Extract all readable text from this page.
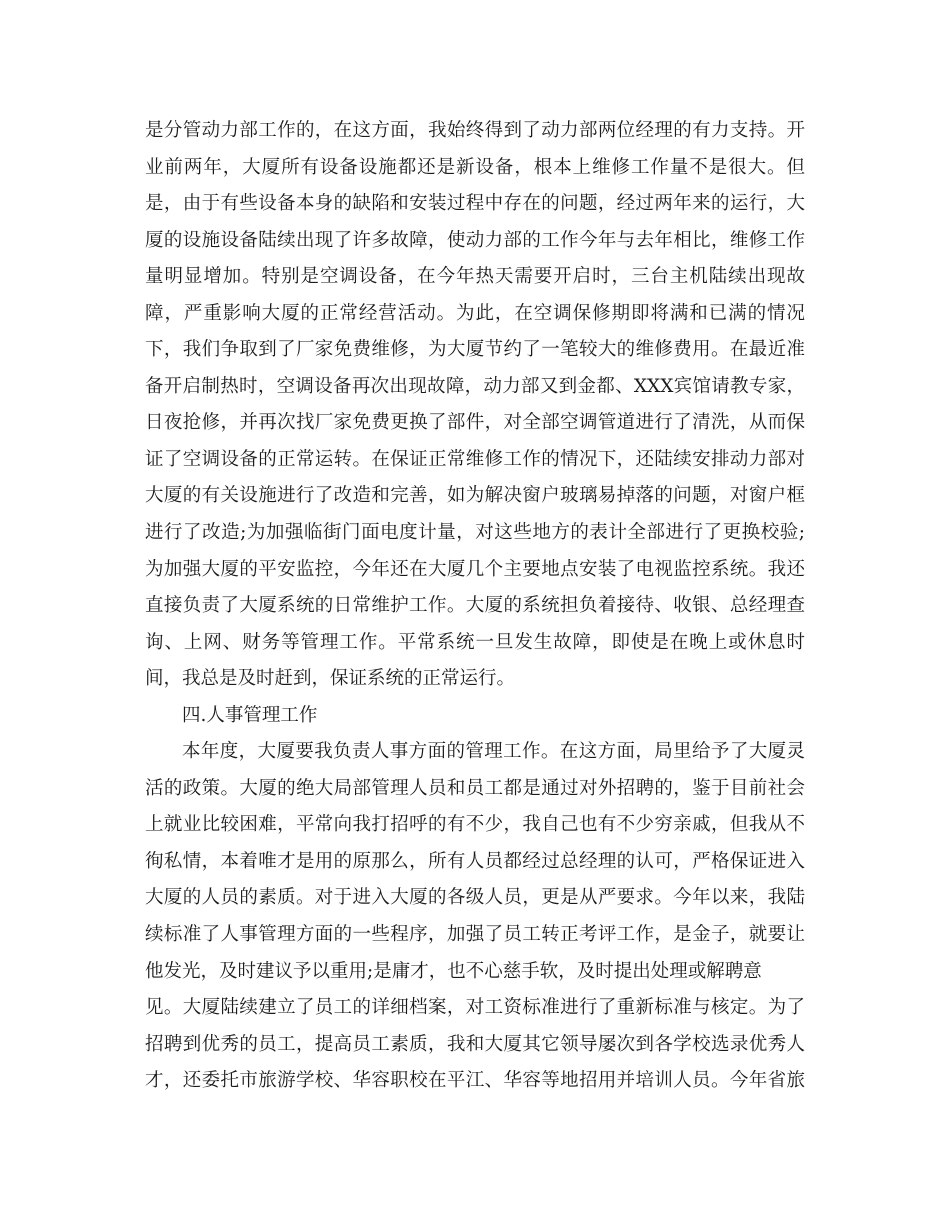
是分管动力部工作的，在这方面，我始终得到了动力部两位经理的有力支持。开
业前两年，大厦所有设备设施都还是新设备，根本上维修工作量不是很大。但
是，由于有些设备本身的缺陷和安装过程中存在的问题，经过两年来的运行，大
厦的设施设备陆续出现了许多故障，使动力部的工作今年与去年相比，维修工作
量明显增加。特别是空调设备，在今年热天需要开启时，三台主机陆续出现故
障，严重影响大厦的正常经营活动。为此，在空调保修期即将满和已满的情况
下，我们争取到了厂家免费维修，为大厦节约了一笔较大的维修费用。在最近准
备开启制热时，空调设备再次出现故障，动力部又到金都、XXX宾馆请教专家，
日夜抢修，并再次找厂家免费更换了部件，对全部空调管道进行了清洗，从而保
证了空调设备的正常运转。在保证正常维修工作的情况下，还陆续安排动力部对
大厦的有关设施进行了改造和完善，如为解决窗户玻璃易掉落的问题，对窗户框
进行了改造;为加强临街门面电度计量，对这些地方的表计全部进行了更换校验;
为加强大厦的平安监控，今年还在大厦几个主要地点安装了电视监控系统。我还
直接负责了大厦系统的日常维护工作。大厦的系统担负着接待、收银、总经理查
询、上网、财务等管理工作。平常系统一旦发生故障，即使是在晚上或休息时
间，我总是及时赶到，保证系统的正常运行。
四.人事管理工作
本年度，大厦要我负责人事方面的管理工作。在这方面，局里给予了大厦灵
活的政策。大厦的绝大局部管理人员和员工都是通过对外招聘的，鉴于目前社会
上就业比较困难，平常向我打招呼的有不少，我自己也有不少穷亲戚，但我从不
徇私情，本着唯才是用的原那么，所有人员都经过总经理的认可，严格保证进入
大厦的人员的素质。对于进入大厦的各级人员，更是从严要求。今年以来，我陆
续标准了人事管理方面的一些程序，加强了员工转正考评工作，是金子，就要让
他发光，及时建议予以重用;是庸才，也不心慈手软，及时提出处理或解聘意
见。大厦陆续建立了员工的详细档案，对工资标准进行了重新标准与核定。为了
招聘到优秀的员工，提高员工素质，我和大厦其它领导屡次到各学校选录优秀人
才，还委托市旅游学校、华容职校在平江、华容等地招用并培训人员。今年省旅
